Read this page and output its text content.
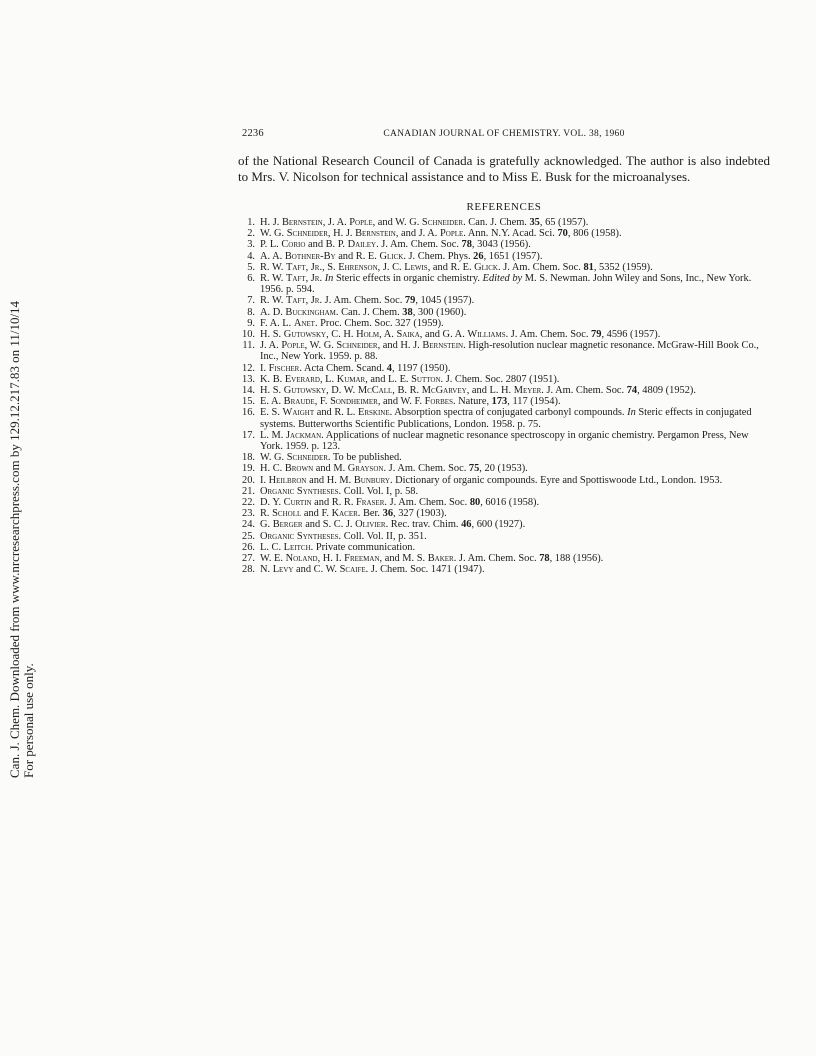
Can. J. Chem. Downloaded from www.nrcresearchpress.com by 129.12.217.83 on 11/10/14 For personal use only.
2236	CANADIAN JOURNAL OF CHEMISTRY. VOL. 38, 1960

of the National Research Council of Canada is gratefully acknowledged. The author is also indebted to Mrs. V. Nicolson for technical assistance and to Miss E. Busk for the microanalyses.

REFERENCES
1. H. J. Bernstein, J. A. Pople, and W. G. Schneider. Can. J. Chem. 35, 65 (1957).
2. W. G. Schneider, H. J. Bernstein, and J. A. Pople. Ann. N.Y. Acad. Sci. 70, 806 (1958).
3. P. L. Corio and B. P. Dailey. J. Am. Chem. Soc. 78, 3043 (1956).
4. A. A. Bothner-By and R. E. Glick. J. Chem. Phys. 26, 1651 (1957).
5. R. W. Taft, Jr., S. Ehrenson, J. C. Lewis, and R. E. Glick. J. Am. Chem. Soc. 81, 5352 (1959).
6. R. W. Taft, Jr. In Steric effects in organic chemistry. Edited by M. S. Newman. John Wiley and Sons, Inc., New York. 1956. p. 594.
7. R. W. Taft, Jr. J. Am. Chem. Soc. 79, 1045 (1957).
8. A. D. Buckingham. Can. J. Chem. 38, 300 (1960).
9. F. A. L. Anet. Proc. Chem. Soc. 327 (1959).
10. H. S. Gutowsky, C. H. Holm, A. Saika, and G. A. Williams. J. Am. Chem. Soc. 79, 4596 (1957).
11. J. A. Pople, W. G. Schneider, and H. J. Bernstein. High-resolution nuclear magnetic resonance. McGraw-Hill Book Co., Inc., New York. 1959. p. 88.
12. I. Fischer. Acta Chem. Scand. 4, 1197 (1950).
13. K. B. Everard, L. Kumar, and L. E. Sutton. J. Chem. Soc. 2807 (1951).
14. H. S. Gutowsky, D. W. McCall, B. R. McGarvey, and L. H. Meyer. J. Am. Chem. Soc. 74, 4809 (1952).
15. E. A. Braude, F. Sondheimer, and W. F. Forbes. Nature, 173, 117 (1954).
16. E. S. Waight and R. L. Erskine. Absorption spectra of conjugated carbonyl compounds. In Steric effects in conjugated systems. Butterworths Scientific Publications, London. 1958. p. 75.
17. L. M. Jackman. Applications of nuclear magnetic resonance spectroscopy in organic chemistry. Pergamon Press, New York. 1959. p. 123.
18. W. G. Schneider. To be published.
19. H. C. Brown and M. Grayson. J. Am. Chem. Soc. 75, 20 (1953).
20. I. Heilbron and H. M. Bunbury. Dictionary of organic compounds. Eyre and Spottiswoode Ltd., London. 1953.
21. Organic Syntheses. Coll. Vol. I, p. 58.
22. D. Y. Curtin and R. R. Fraser. J. Am. Chem. Soc. 80, 6016 (1958).
23. R. Scholl and F. Kacer. Ber. 36, 327 (1903).
24. G. Berger and S. C. J. Olivier. Rec. trav. Chim. 46, 600 (1927).
25. Organic Syntheses. Coll. Vol. II, p. 351.
26. L. C. Leitch. Private communication.
27. W. E. Noland, H. I. Freeman, and M. S. Baker. J. Am. Chem. Soc. 78, 188 (1956).
28. N. Levy and C. W. Scaife. J. Chem. Soc. 1471 (1947).
